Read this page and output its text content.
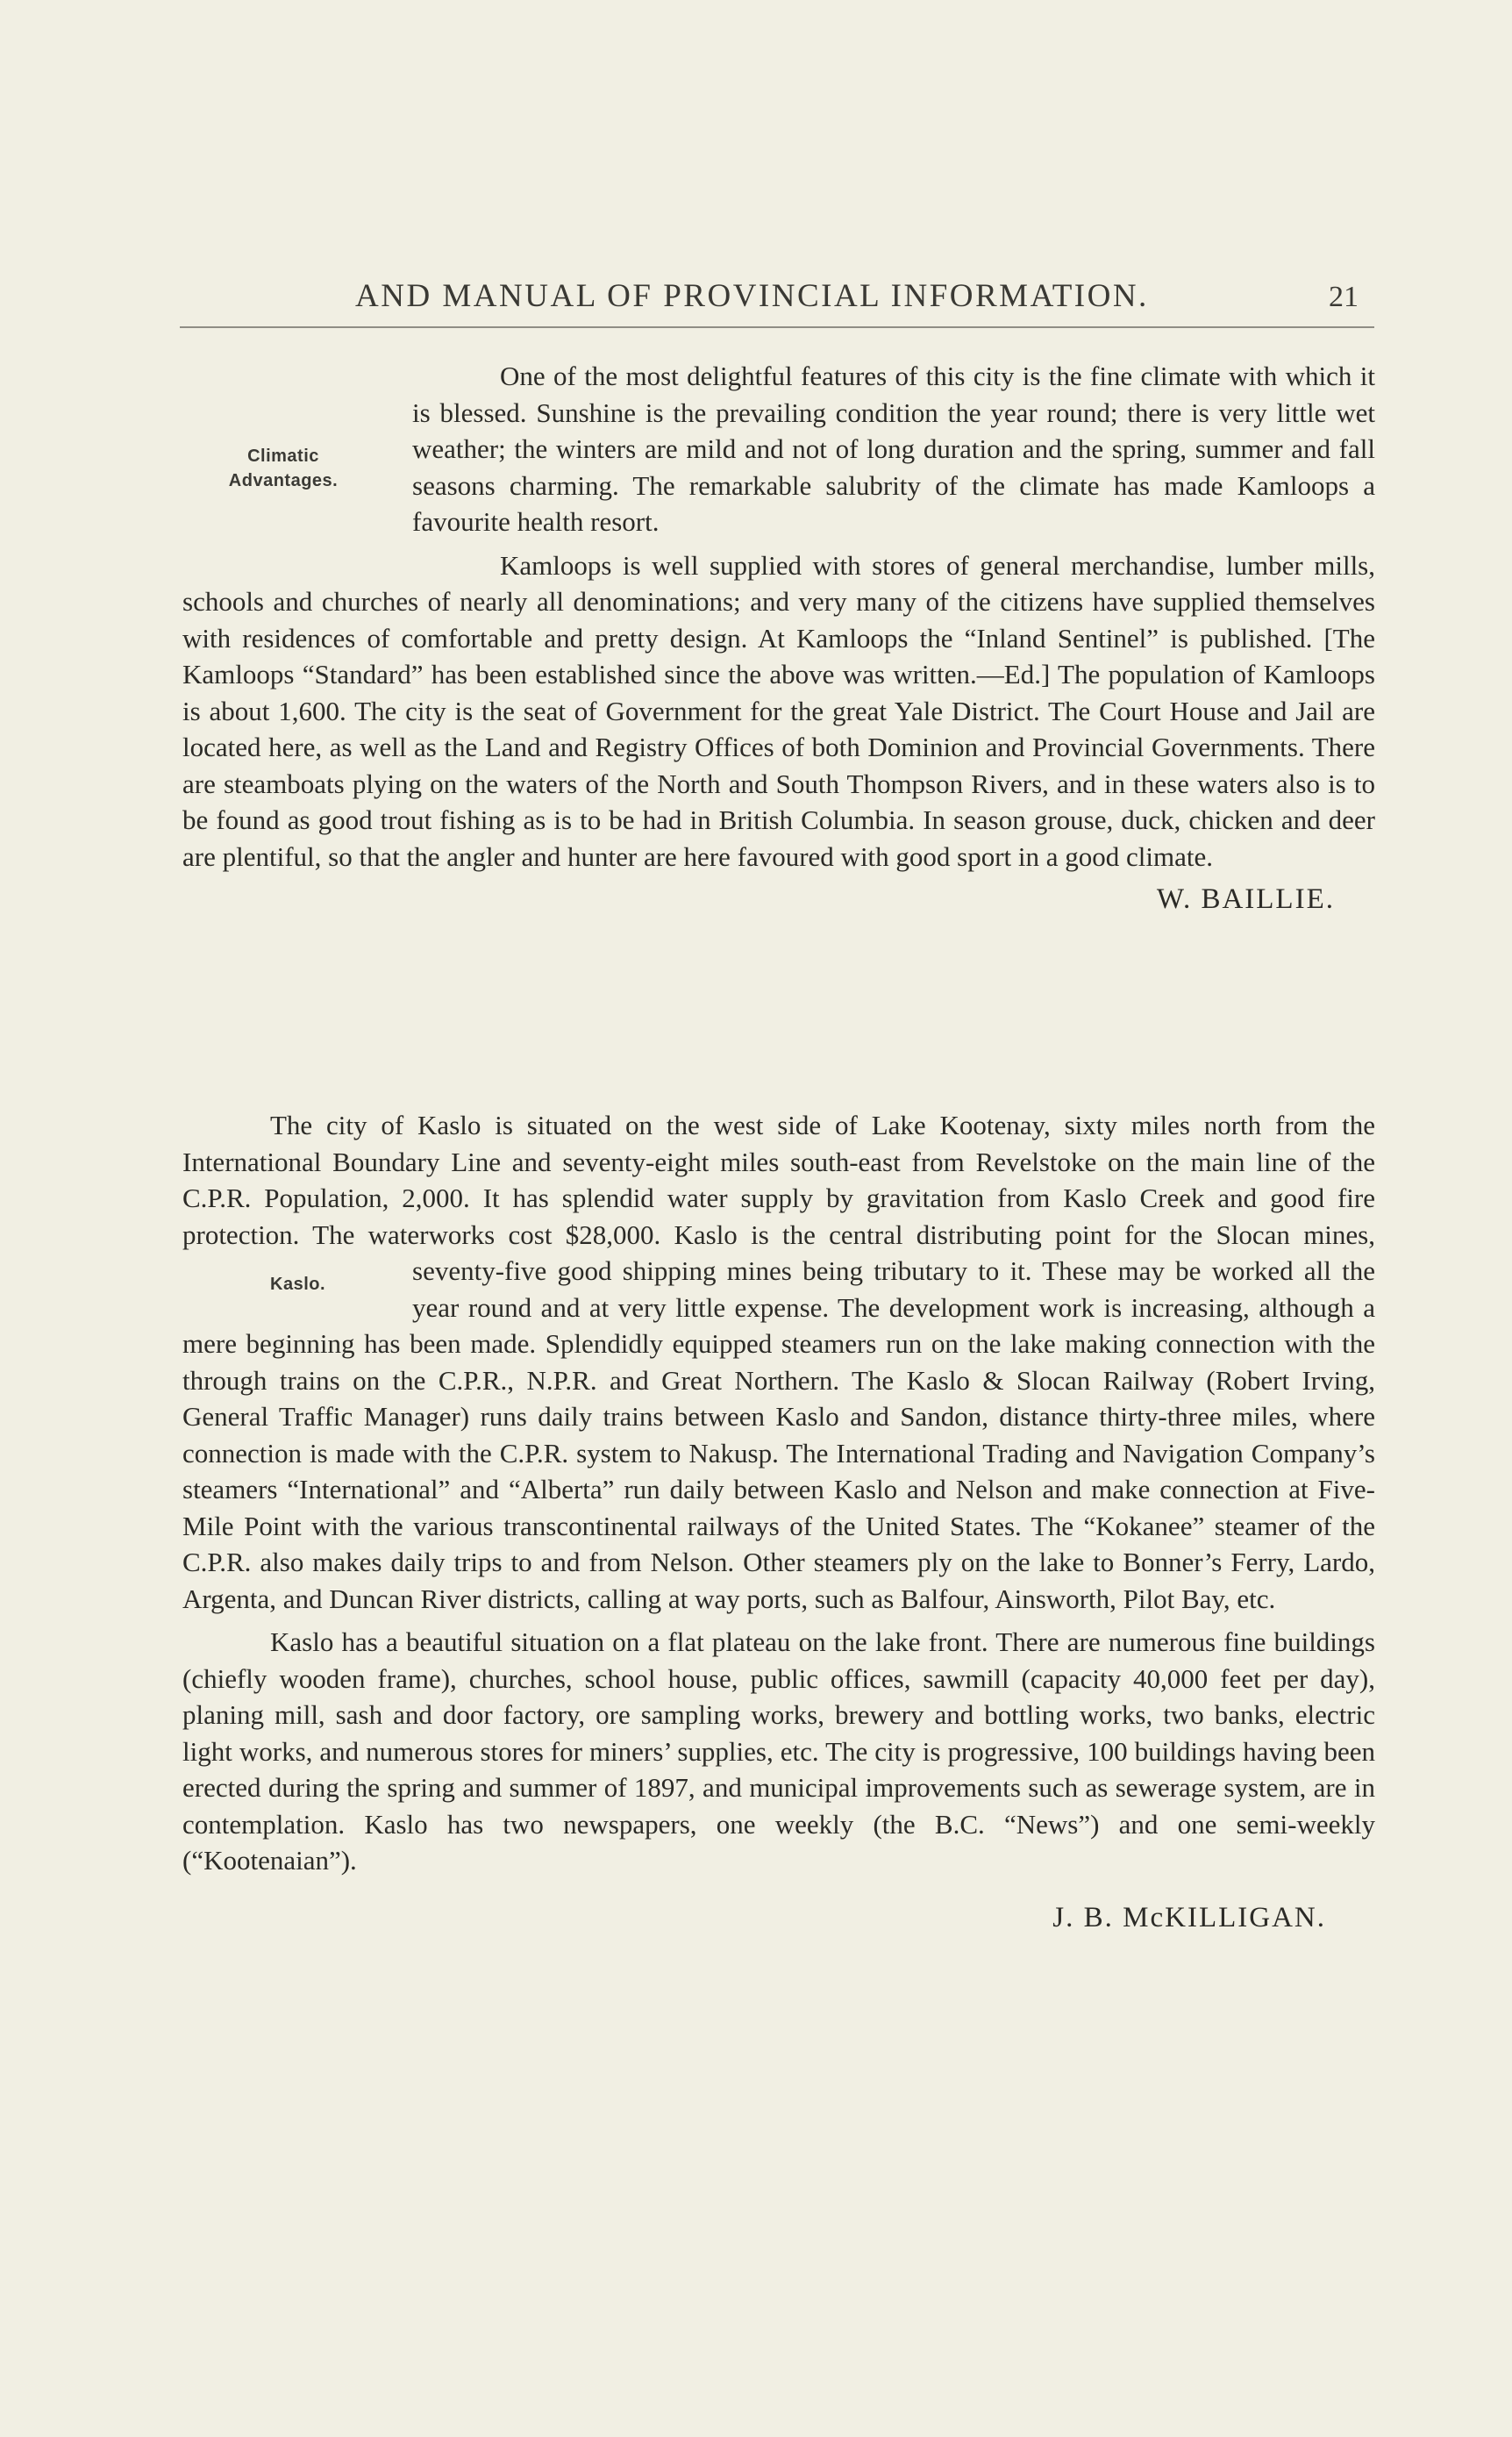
AND MANUAL OF PROVINCIAL INFORMATION.	21
Climatic
Advantages.

One of the most delightful features of this city is the fine climate with which it is blessed. Sunshine is the prevailing condition the year round; there is very little wet weather; the winters are mild and not of long duration and the spring, summer and fall seasons charming. The remarkable salubrity of the climate has made Kamloops a favourite health resort.

Kamloops is well supplied with stores of general merchandise, lumber mills, schools and churches of nearly all denominations; and very many of the citizens have supplied themselves with residences of comfortable and pretty design. At Kamloops the “Inland Sentinel” is published. [The Kamloops “Standard” has been established since the above was written.—Ed.] The population of Kamloops is about 1,600. The city is the seat of Government for the great Yale District. The Court House and Jail are located here, as well as the Land and Registry Offices of both Dominion and Provincial Governments. There are steamboats plying on the waters of the North and South Thompson Rivers, and in these waters also is to be found as good trout fishing as is to be had in British Columbia. In season grouse, duck, chicken and deer are plentiful, so that the angler and hunter are here favoured with good sport in a good climate.

W. BAILLIE.

The city of Kaslo is situated on the west side of Lake Kootenay, sixty miles north from the International Boundary Line and seventy-eight miles south-east from Revelstoke on the main line of the C.P.R. Population, 2,000. It has splendid water supply by gravitation from Kaslo Creek and good fire protection. The waterworks cost $28,000. Kaslo is the central distributing point for the Slocan mines, seventy-five good shipping mines being tributary to it. These may
Kaslo.	be worked all the year round and at very little expense. The development work is increasing, although a mere beginning has been made. Splendidly equipped steamers run on the lake making connection with the through trains on the C.P.R., N.P.R. and Great Northern. The Kaslo & Slocan Railway (Robert Irving, General Traffic Manager) runs daily trains between Kaslo and Sandon, distance thirty-three miles, where connection is made with the C.P.R. system to Nakusp. The International Trading and Navigation Company’s steamers “International” and “Alberta” run daily between Kaslo and Nelson and make connection at Five-Mile Point with the various transcontinental railways of the United States. The “Kokanee” steamer of the C.P.R. also makes daily trips to and from Nelson. Other steamers ply on the lake to Bonner’s Ferry, Lardo, Argenta, and Duncan River districts, calling at way ports, such as Balfour, Ainsworth, Pilot Bay, etc.

Kaslo has a beautiful situation on a flat plateau on the lake front. There are numerous fine buildings (chiefly wooden frame), churches, school house, public offices, sawmill (capacity 40,000 feet per day), planing mill, sash and door factory, ore sampling works, brewery and bottling works, two banks, electric light works, and numerous stores for miners’ supplies, etc. The city is progressive, 100 buildings having been erected during the spring and summer of 1897, and municipal improvements such as sewerage system, are in contemplation. Kaslo has two newspapers, one weekly (the B.C. “News”) and one semi-weekly (“Kootenaian”).

J. B. McKILLIGAN.
